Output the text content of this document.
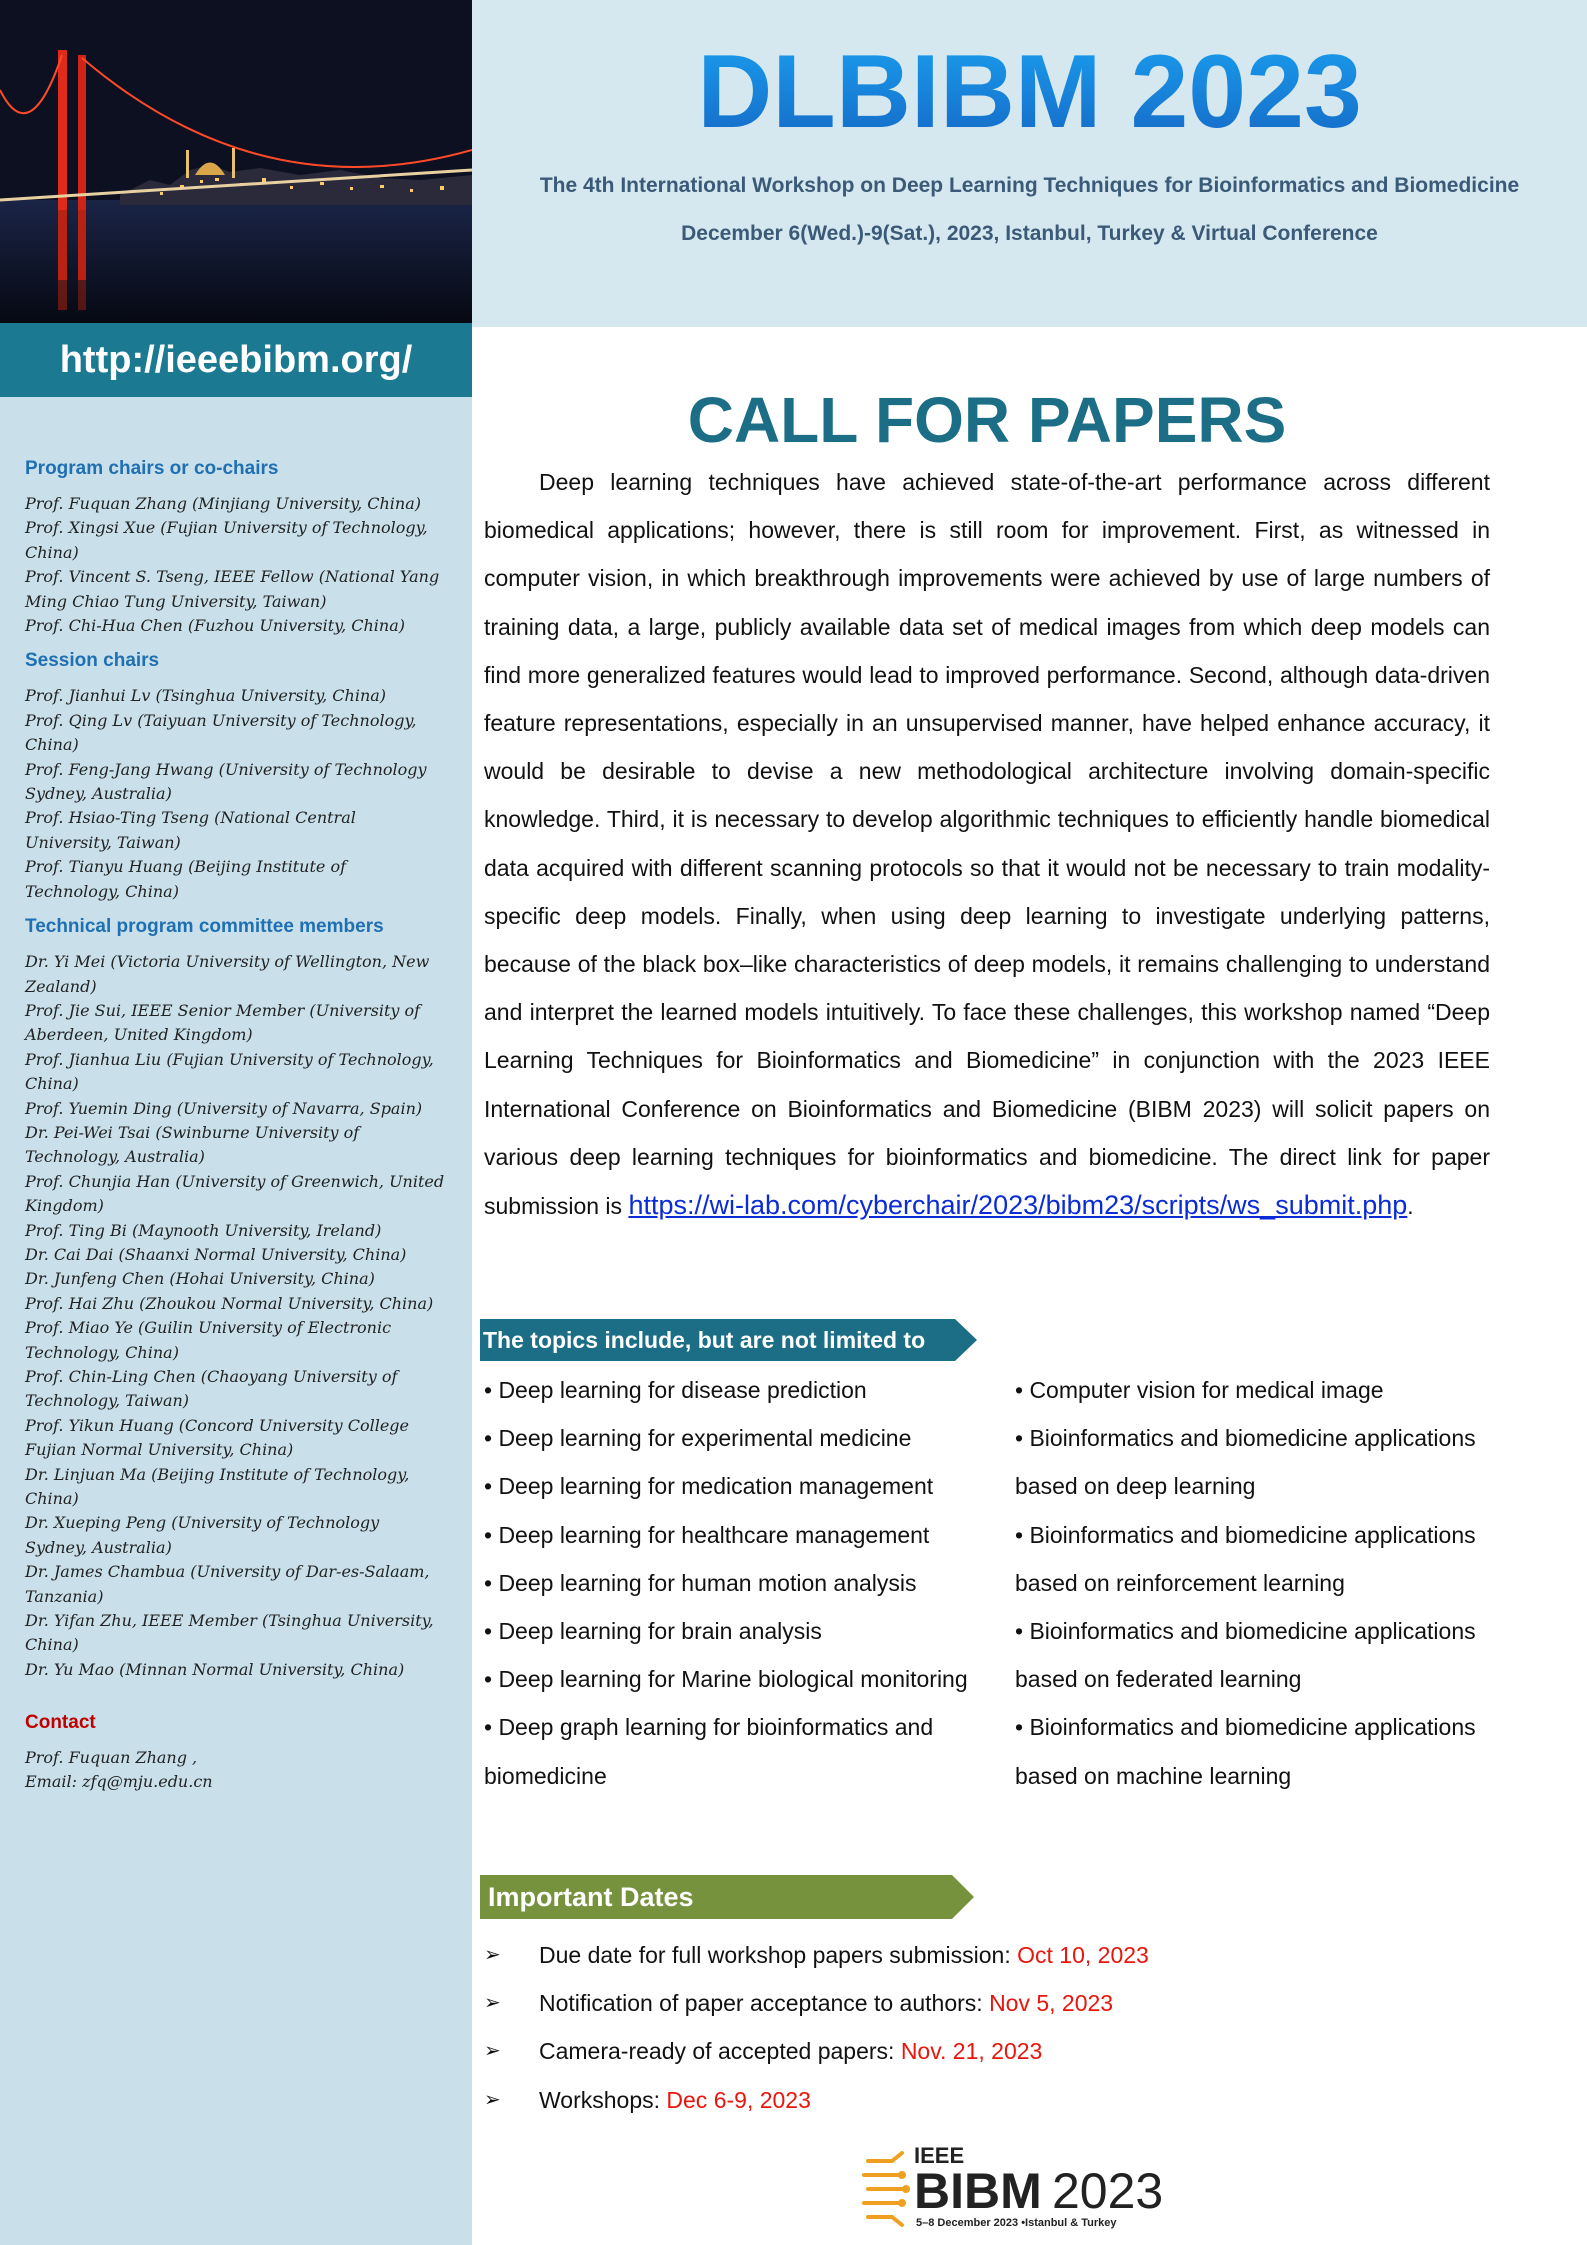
http://ieeebibm.org/
Program chairs or co-chairs
Prof. Fuquan Zhang (Minjiang University, China)
Prof. Xingsi Xue (Fujian University of Technology, China)
Prof. Vincent S. Tseng, IEEE Fellow (National Yang Ming Chiao Tung University, Taiwan)
Prof. Chi-Hua Chen (Fuzhou University, China)
Session chairs
Prof. Jianhui Lv (Tsinghua University, China)
Prof. Qing Lv (Taiyuan University of Technology, China)
Prof. Feng-Jang Hwang (University of Technology Sydney, Australia)
Prof. Hsiao-Ting Tseng (National Central University, Taiwan)
Prof. Tianyu Huang (Beijing Institute of Technology, China)
Technical program committee members
Dr. Yi Mei (Victoria University of Wellington, New Zealand)
Prof. Jie Sui, IEEE Senior Member (University of Aberdeen, United Kingdom)
Prof. Jianhua Liu (Fujian University of Technology, China)
Prof. Yuemin Ding (University of Navarra, Spain)
Dr. Pei-Wei Tsai (Swinburne University of Technology, Australia)
Prof. Chunjia Han (University of Greenwich, United Kingdom)
Prof. Ting Bi (Maynooth University, Ireland)
Dr. Cai Dai (Shaanxi Normal University, China)
Dr. Junfeng Chen (Hohai University, China)
Prof. Hai Zhu (Zhoukou Normal University, China)
Prof. Miao Ye (Guilin University of Electronic Technology, China)
Prof. Chin-Ling Chen (Chaoyang University of Technology, Taiwan)
Prof. Yikun Huang (Concord University College Fujian Normal University, China)
Dr. Linjuan Ma (Beijing Institute of Technology, China)
Dr. Xueping Peng (University of Technology Sydney, Australia)
Dr. James Chambua (University of Dar-es-Salaam, Tanzania)
Dr. Yifan Zhu, IEEE Member (Tsinghua University, China)
Dr. Yu Mao (Minnan Normal University, China)
Contact
Prof. Fuquan Zhang ,
Email: zfq@mju.edu.cn
DLBIBM 2023
The 4th International Workshop on Deep Learning Techniques for Bioinformatics and Biomedicine
December 6(Wed.)-9(Sat.), 2023, Istanbul, Turkey & Virtual Conference
CALL FOR PAPERS
Deep learning techniques have achieved state-of-the-art performance across different biomedical applications; however, there is still room for improvement. First, as witnessed in computer vision, in which breakthrough improvements were achieved by use of large numbers of training data, a large, publicly available data set of medical images from which deep models can find more generalized features would lead to improved performance. Second, although data-driven feature representations, especially in an unsupervised manner, have helped enhance accuracy, it would be desirable to devise a new methodological architecture involving domain-specific knowledge. Third, it is necessary to develop algorithmic techniques to efficiently handle biomedical data acquired with different scanning protocols so that it would not be necessary to train modality-specific deep models. Finally, when using deep learning to investigate underlying patterns, because of the black box–like characteristics of deep models, it remains challenging to understand and interpret the learned models intuitively. To face these challenges, this workshop named “Deep Learning Techniques for Bioinformatics and Biomedicine” in conjunction with the 2023 IEEE International Conference on Bioinformatics and Biomedicine (BIBM 2023) will solicit papers on various deep learning techniques for bioinformatics and biomedicine. The direct link for paper submission is https://wi-lab.com/cyberchair/2023/bibm23/scripts/ws_submit.php.
The topics include, but are not limited to
• Deep learning for disease prediction
• Deep learning for experimental medicine
• Deep learning for medication management
• Deep learning for healthcare management
• Deep learning for human motion analysis
• Deep learning for brain analysis
• Deep learning for Marine biological monitoring
• Deep graph learning for bioinformatics and biomedicine
• Computer vision for medical image
• Bioinformatics and biomedicine applications based on deep learning
• Bioinformatics and biomedicine applications based on reinforcement learning
• Bioinformatics and biomedicine applications based on federated learning
• Bioinformatics and biomedicine applications based on machine learning
Important Dates
➢ Due date for full workshop papers submission: Oct 10, 2023
➢ Notification of paper acceptance to authors: Nov 5, 2023
➢ Camera-ready of accepted papers: Nov. 21, 2023
➢ Workshops: Dec 6-9, 2023
IEEE
BIBM 2023
5–8 December 2023 •Istanbul & Turkey
